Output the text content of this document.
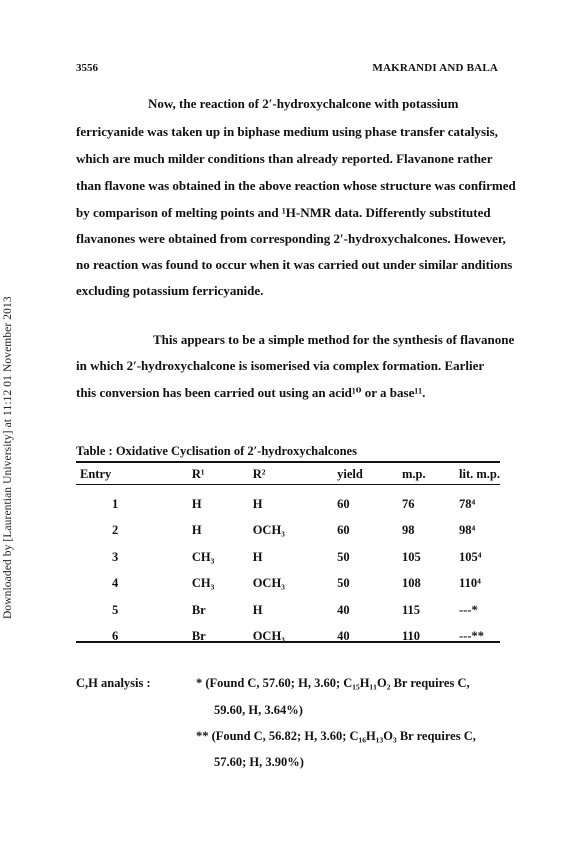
Downloaded by [Laurentian University] at 11:12 01 November 2013
3556	MAKRANDI AND BALA
Now, the reaction of 2′-hydroxychalcone with potassium
ferricyanide was taken up in biphase medium using phase transfer catalysis,
which are much milder conditions than already reported. Flavanone rather
than flavone was obtained in the above reaction whose structure was confirmed
by comparison of melting points and ¹H-NMR data. Differently substituted
flavanones were obtained from corresponding 2′-hydroxychalcones. However,
no reaction was found to occur when it was carried out under similar anditions
excluding potassium ferricyanide.
This appears to be a simple method for the synthesis of flavanone
in which 2′-hydroxychalcone is isomerised via complex formation. Earlier
this conversion has been carried out using an acid¹⁰ or a base¹¹.
Table : Oxidative Cyclisation of 2′-hydroxychalcones
Entry	R¹	R²	yield	m.p.	lit. m.p.
1	H	H	60	76	78⁴
2	H	OCH₃	60	98	98⁴
3	CH₃	H	50	105	105⁴
4	CH₃	OCH₃	50	108	110⁴
5	Br	H	40	115	---*
6	Br	OCH₃	40	110	---**
C,H analysis :	* (Found C, 57.60; H, 3.60; C₁₅H₁₁O₂ Br requires C,
59.60, H, 3.64%)
** (Found C, 56.82; H, 3.60; C₁₆H₁₃O₃ Br requires C,
57.60; H, 3.90%)
